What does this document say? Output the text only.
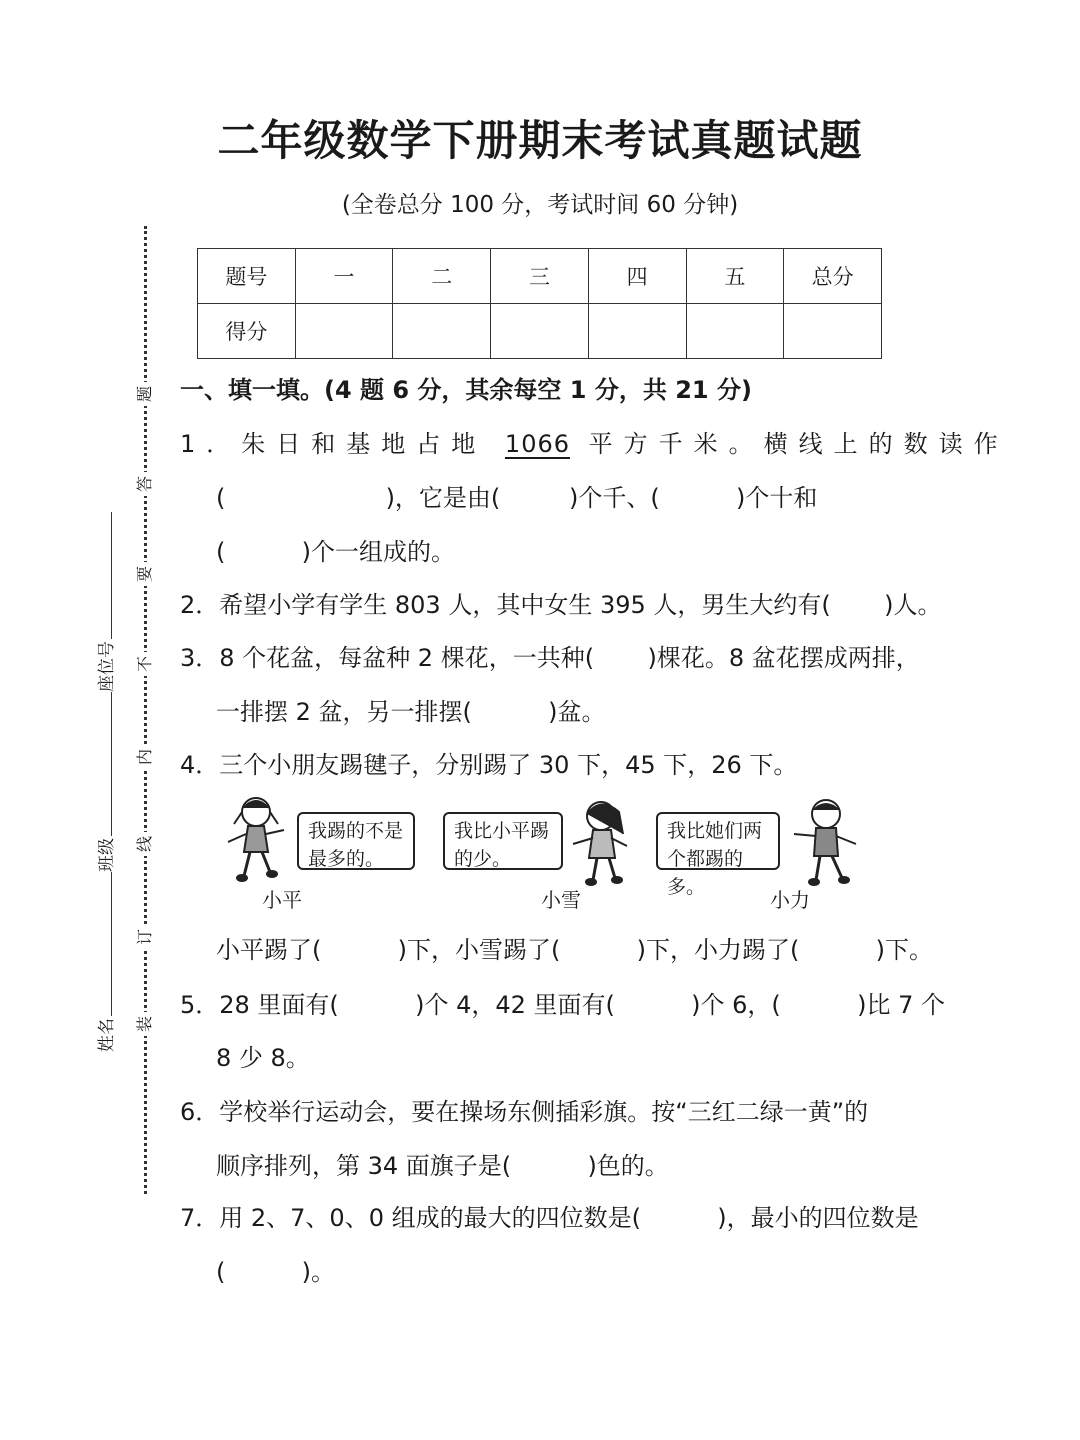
二年级数学下册期末考试真题试题
(全卷总分 100 分，考试时间 60 分钟)
题号	一	二	三	四	五	总分
得分						
题
答
要
不
内
线
订
装
座位号
班级
姓名
一、填一填。(4 题 6 分，其余每空 1 分，共 21 分)
1．朱日和基地占地 1066 平方千米。横线上的数读作
(                     )，它是由(         )个千、(          )个十和
(          )个一组成的。
2．希望小学有学生 803 人，其中女生 395 人，男生大约有(       )人。
3．8 个花盆，每盆种 2 棵花，一共种(       )棵花。8 盆花摆成两排，
一排摆 2 盆，另一排摆(          )盆。
4．三个小朋友踢毽子，分别踢了 30 下，45 下，26 下。
我踢的不是
最多的。
小平
我比小平踢
的少。
小雪
我比她们两
个都踢的多。
小力
小平踢了(          )下，小雪踢了(          )下，小力踢了(          )下。
5．28 里面有(          )个 4，42 里面有(          )个 6，(          )比 7 个
8 少 8。
6．学校举行运动会，要在操场东侧插彩旗。按“三红二绿一黄”的
顺序排列，第 34 面旗子是(          )色的。
7．用 2、7、0、0 组成的最大的四位数是(          )，最小的四位数是
(          )。
